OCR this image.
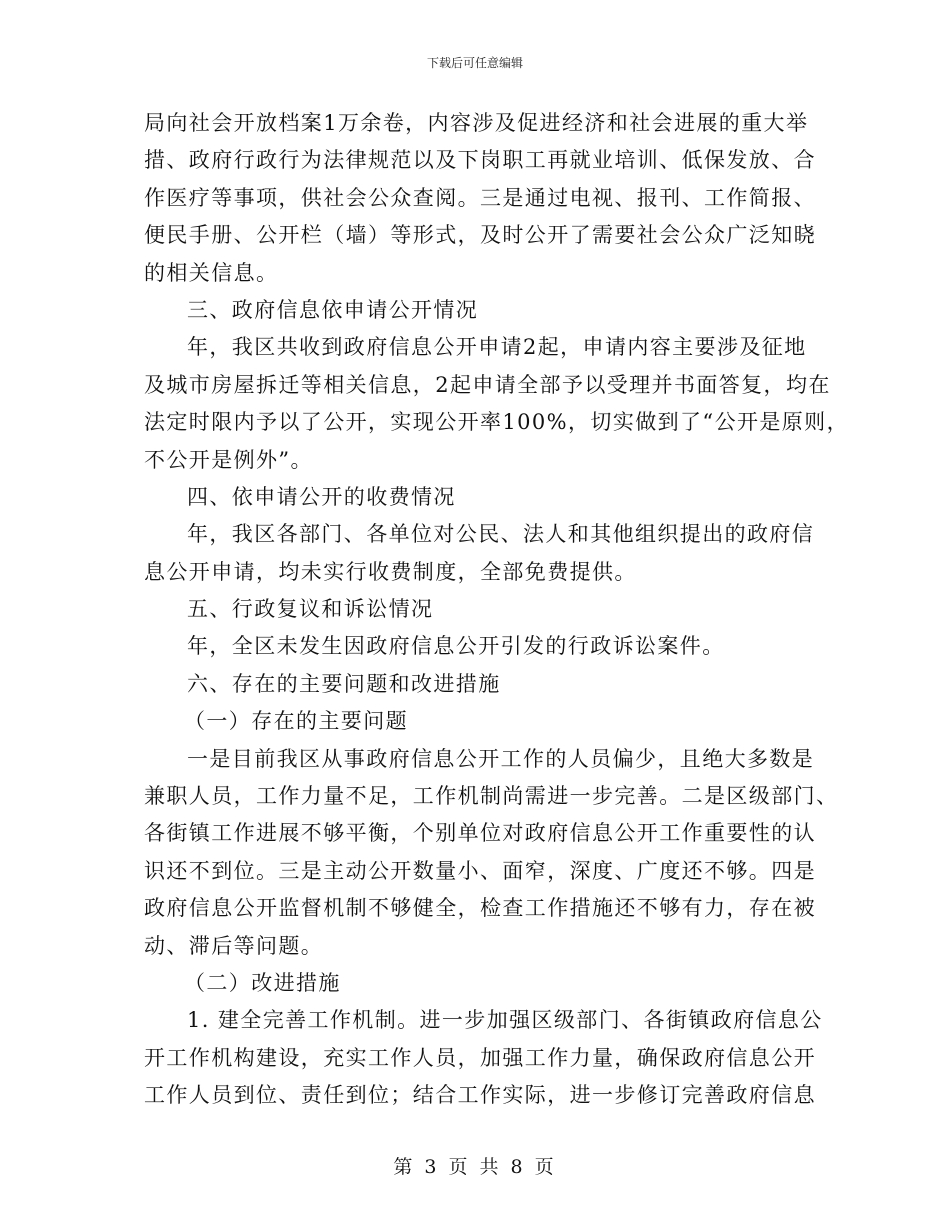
下载后可任意编辑
局向社会开放档案1万余卷，内容涉及促进经济和社会进展的重大举
措、政府行政行为法律规范以及下岗职工再就业培训、低保发放、合
作医疗等事项，供社会公众查阅。三是通过电视、报刊、工作简报、
便民手册、公开栏（墙）等形式，及时公开了需要社会公众广泛知晓
的相关信息。
三、政府信息依申请公开情况
年，我区共收到政府信息公开申请2起，申请内容主要涉及征地
及城市房屋拆迁等相关信息，2起申请全部予以受理并书面答复，均在
法定时限内予以了公开，实现公开率100%，切实做到了“公开是原则，
不公开是例外”。
四、依申请公开的收费情况
年，我区各部门、各单位对公民、法人和其他组织提出的政府信
息公开申请，均未实行收费制度，全部免费提供。
五、行政复议和诉讼情况
年，全区未发生因政府信息公开引发的行政诉讼案件。
六、存在的主要问题和改进措施
（一）存在的主要问题
一是目前我区从事政府信息公开工作的人员偏少，且绝大多数是
兼职人员，工作力量不足，工作机制尚需进一步完善。二是区级部门、
各街镇工作进展不够平衡，个别单位对政府信息公开工作重要性的认
识还不到位。三是主动公开数量小、面窄，深度、广度还不够。四是
政府信息公开监督机制不够健全，检查工作措施还不够有力，存在被
动、滞后等问题。
（二）改进措施
1. 建全完善工作机制。进一步加强区级部门、各街镇政府信息公
开工作机构建设，充实工作人员，加强工作力量，确保政府信息公开
工作人员到位、责任到位；结合工作实际，进一步修订完善政府信息
第 3 页 共 8 页
